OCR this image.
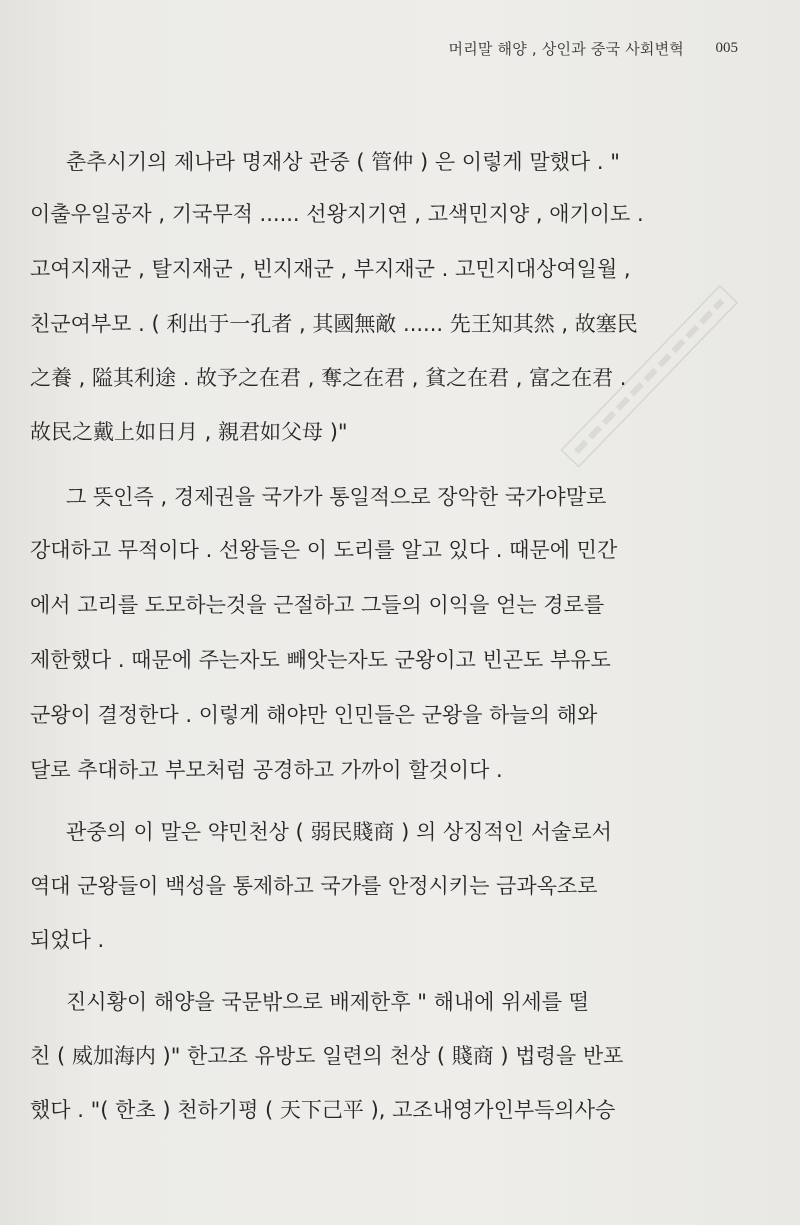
머리말 해양 , 상인과 중국 사회변혁 005
춘추시기의 제나라 명재상 관중 ( 管仲 ) 은 이렇게 말했다 . "
이출우일공자 , 기국무적 ...... 선왕지기연 , 고색민지양 , 애기이도 .
고여지재군 , 탈지재군 , 빈지재군 , 부지재군 . 고민지대상여일월 ,
친군여부모 . ( 利出于一孔者 , 其國無敵 ...... 先王知其然 , 故塞民
之養 , 隘其利途 . 故予之在君 , 奪之在君 , 貧之在君 , 富之在君 .
故民之戴上如日月 , 親君如父母 )"
그 뜻인즉 , 경제권을 국가가 통일적으로 장악한 국가야말로
강대하고 무적이다 . 선왕들은 이 도리를 알고 있다 . 때문에 민간
에서 고리를 도모하는것을 근절하고 그들의 이익을 얻는 경로를
제한했다 . 때문에 주는자도 빼앗는자도 군왕이고 빈곤도 부유도
군왕이 결정한다 . 이렇게 해야만 인민들은 군왕을 하늘의 해와
달로 추대하고 부모처럼 공경하고 가까이 할것이다 .
관중의 이 말은 약민천상 ( 弱民賤商 ) 의 상징적인 서술로서
역대 군왕들이 백성을 통제하고 국가를 안정시키는 금과옥조로
되었다 .
진시황이 해양을 국문밖으로 배제한후 " 해내에 위세를 떨
친 ( 威加海内 )" 한고조 유방도 일련의 천상 ( 賤商 ) 법령을 반포
했다 . "( 한초 ) 천하기평 ( 天下己平 ), 고조내영가인부득의사승
